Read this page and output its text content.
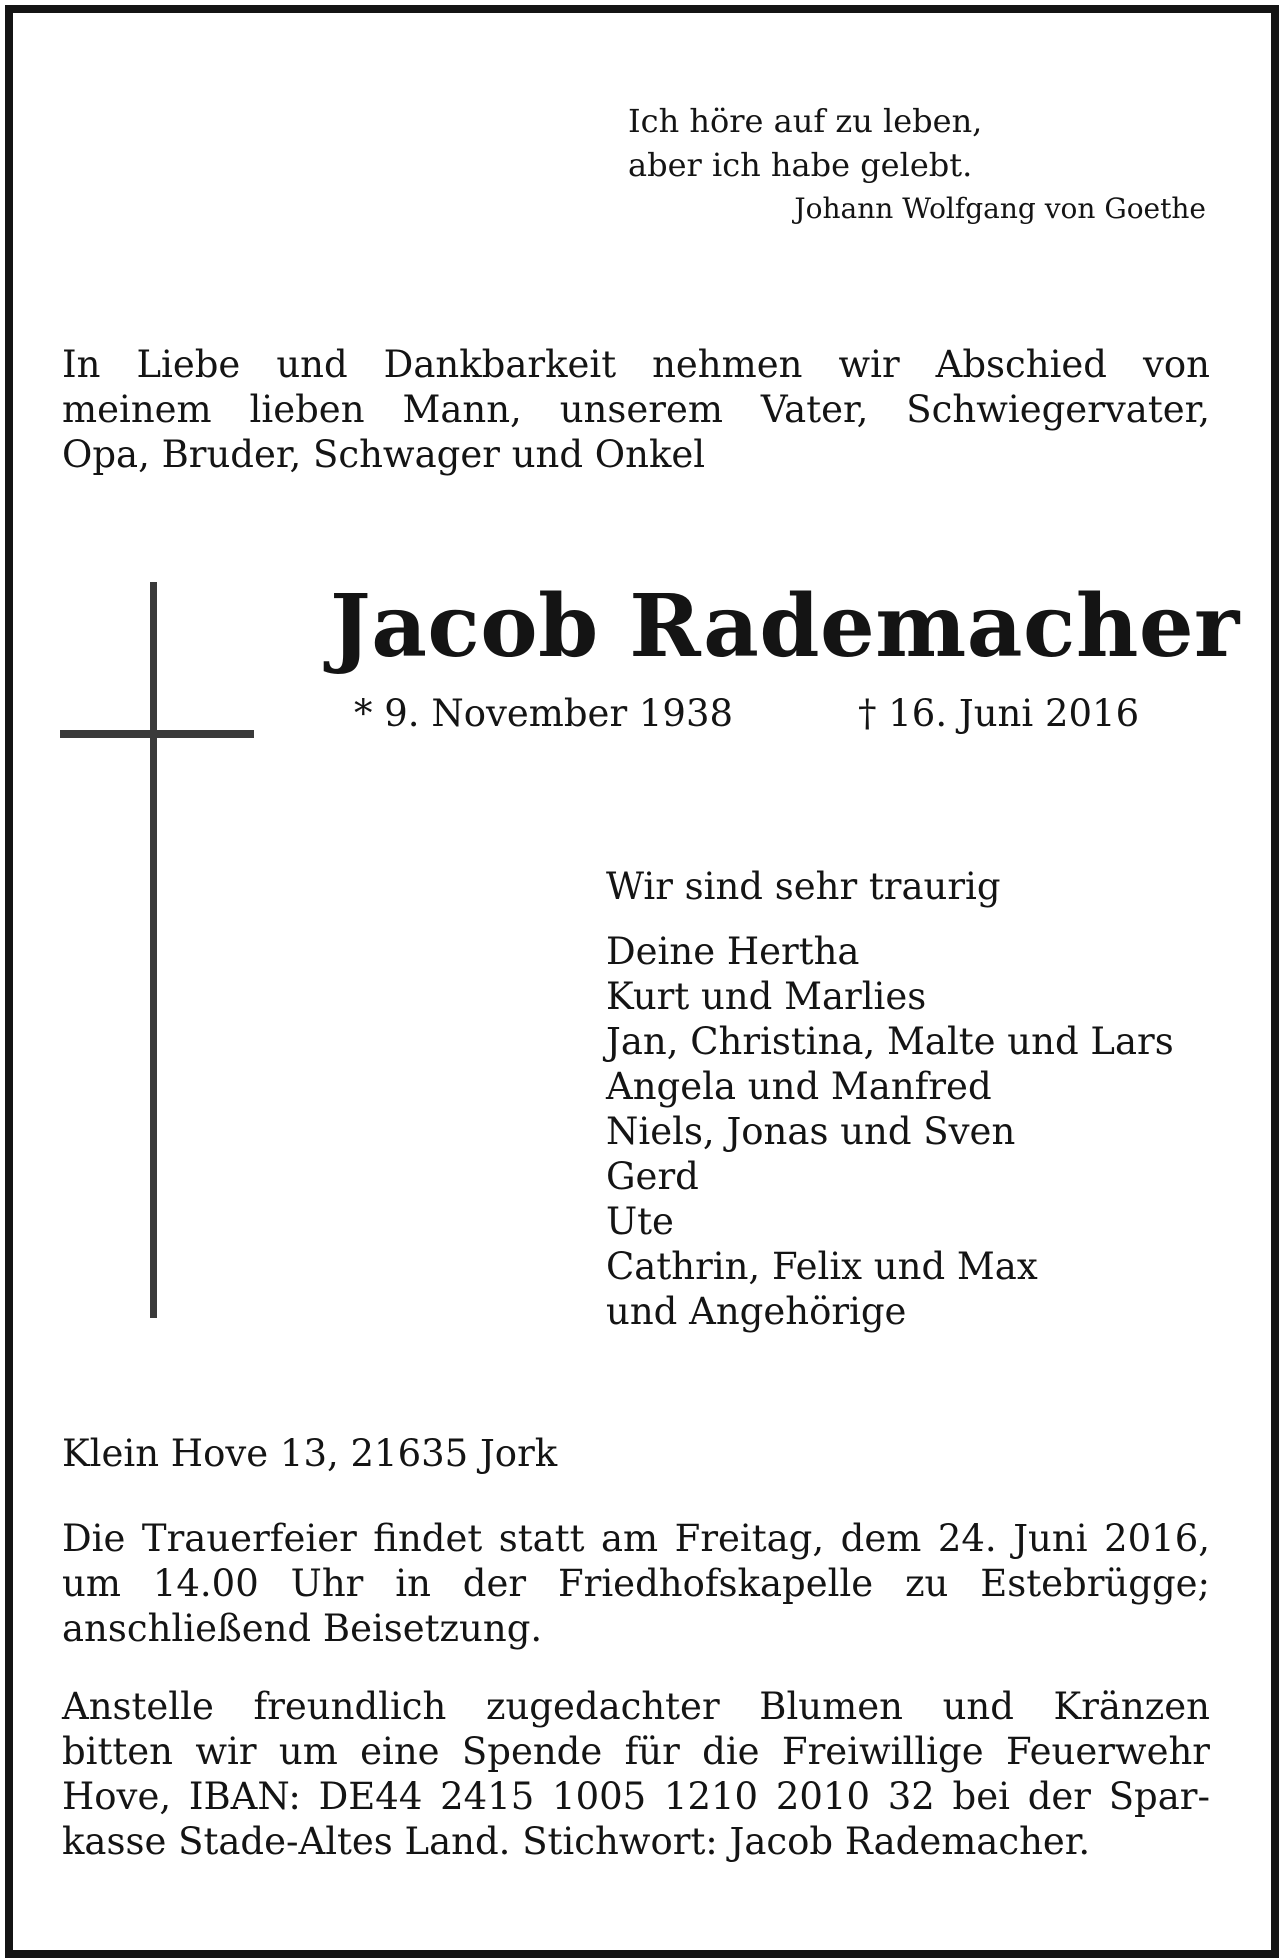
Ich höre auf zu leben,
aber ich habe gelebt.
Johann Wolfgang von Goethe
In Liebe und Dankbarkeit nehmen wir Abschied von
meinem lieben Mann, unserem Vater, Schwiegervater,
Opa, Bruder, Schwager und Onkel
Jacob Rademacher
* 9. November 1938	† 16. Juni 2016
Wir sind sehr traurig
Deine Hertha
Kurt und Marlies
Jan, Christina, Malte und Lars
Angela und Manfred
Niels, Jonas und Sven
Gerd
Ute
Cathrin, Felix und Max
und Angehörige
Klein Hove 13, 21635 Jork
Die Trauerfeier findet statt am Freitag, dem 24. Juni 2016,
um 14.00 Uhr in der Friedhofskapelle zu Estebrügge;
anschließend Beisetzung.
Anstelle freundlich zugedachter Blumen und Kränzen
bitten wir um eine Spende für die Freiwillige Feuerwehr
Hove, IBAN: DE44 2415 1005 1210 2010 32 bei der Spar-
kasse Stade-Altes Land. Stichwort: Jacob Rademacher.
